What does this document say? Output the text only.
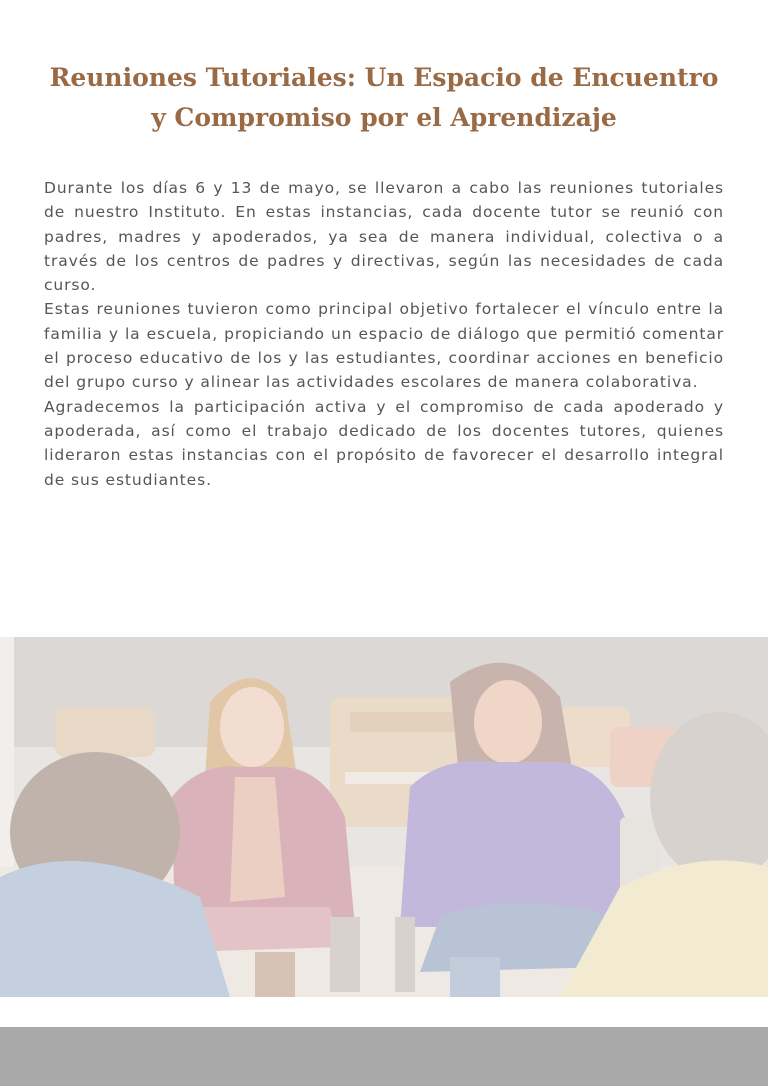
Reuniones Tutoriales: Un Espacio de Encuentro
y Compromiso por el Aprendizaje

Durante los días 6 y 13 de mayo, se llevaron a cabo las reuniones tutoriales de nuestro Instituto. En estas instancias, cada docente tutor se reunió con padres, madres y apoderados, ya sea de manera individual, colectiva o a través de los centros de padres y directivas, según las necesidades de cada curso.

Estas reuniones tuvieron como principal objetivo fortalecer el vínculo entre la familia y la escuela, propiciando un espacio de diálogo que permitió comentar el proceso educativo de los y las estudiantes, coordinar acciones en beneficio del grupo curso y alinear las actividades escolares de manera colaborativa.

Agradecemos la participación activa y el compromiso de cada apoderado y apoderada, así como el trabajo dedicado de los docentes tutores, quienes lideraron estas instancias con el propósito de favorecer el desarrollo integral de sus estudiantes.
